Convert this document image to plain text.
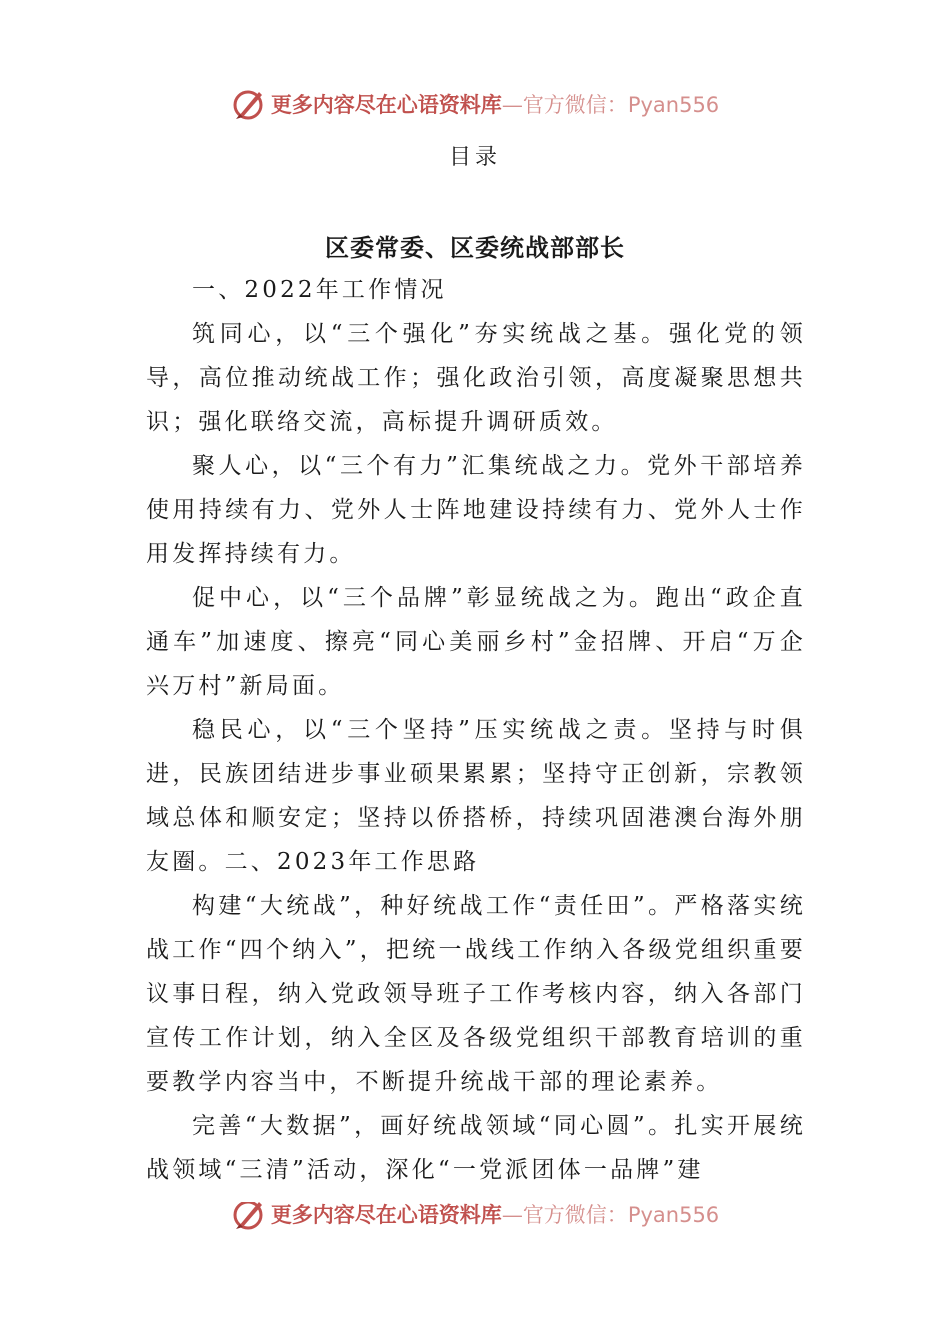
更多内容尽在心语资料库—官方微信：Pyan556
目录
区委常委、区委统战部部长

一、2022年工作情况

筑同心，以“三个强化”夯实统战之基。强化党的领导，高位推动统战工作；强化政治引领，高度凝聚思想共识；强化联络交流，高标提升调研质效。

聚人心，以“三个有力”汇集统战之力。党外干部培养使用持续有力、党外人士阵地建设持续有力、党外人士作用发挥持续有力。

促中心，以“三个品牌”彰显统战之为。跑出“政企直通车”加速度、擦亮“同心美丽乡村”金招牌、开启“万企兴万村”新局面。

稳民心，以“三个坚持”压实统战之责。坚持与时俱进，民族团结进步事业硕果累累；坚持守正创新，宗教领域总体和顺安定；坚持以侨搭桥，持续巩固港澳台海外朋友圈。二、2023年工作思路

构建“大统战”，种好统战工作“责任田”。严格落实统战工作“四个纳入”，把统一战线工作纳入各级党组织重要议事日程，纳入党政领导班子工作考核内容，纳入各部门宣传工作计划，纳入全区及各级党组织干部教育培训的重要教学内容当中，不断提升统战干部的理论素养。

完善“大数据”，画好统战领域“同心圆”。扎实开展统战领域“三清”活动，深化“一党派团体一品牌”建

更多内容尽在心语资料库—官方微信：Pyan556
